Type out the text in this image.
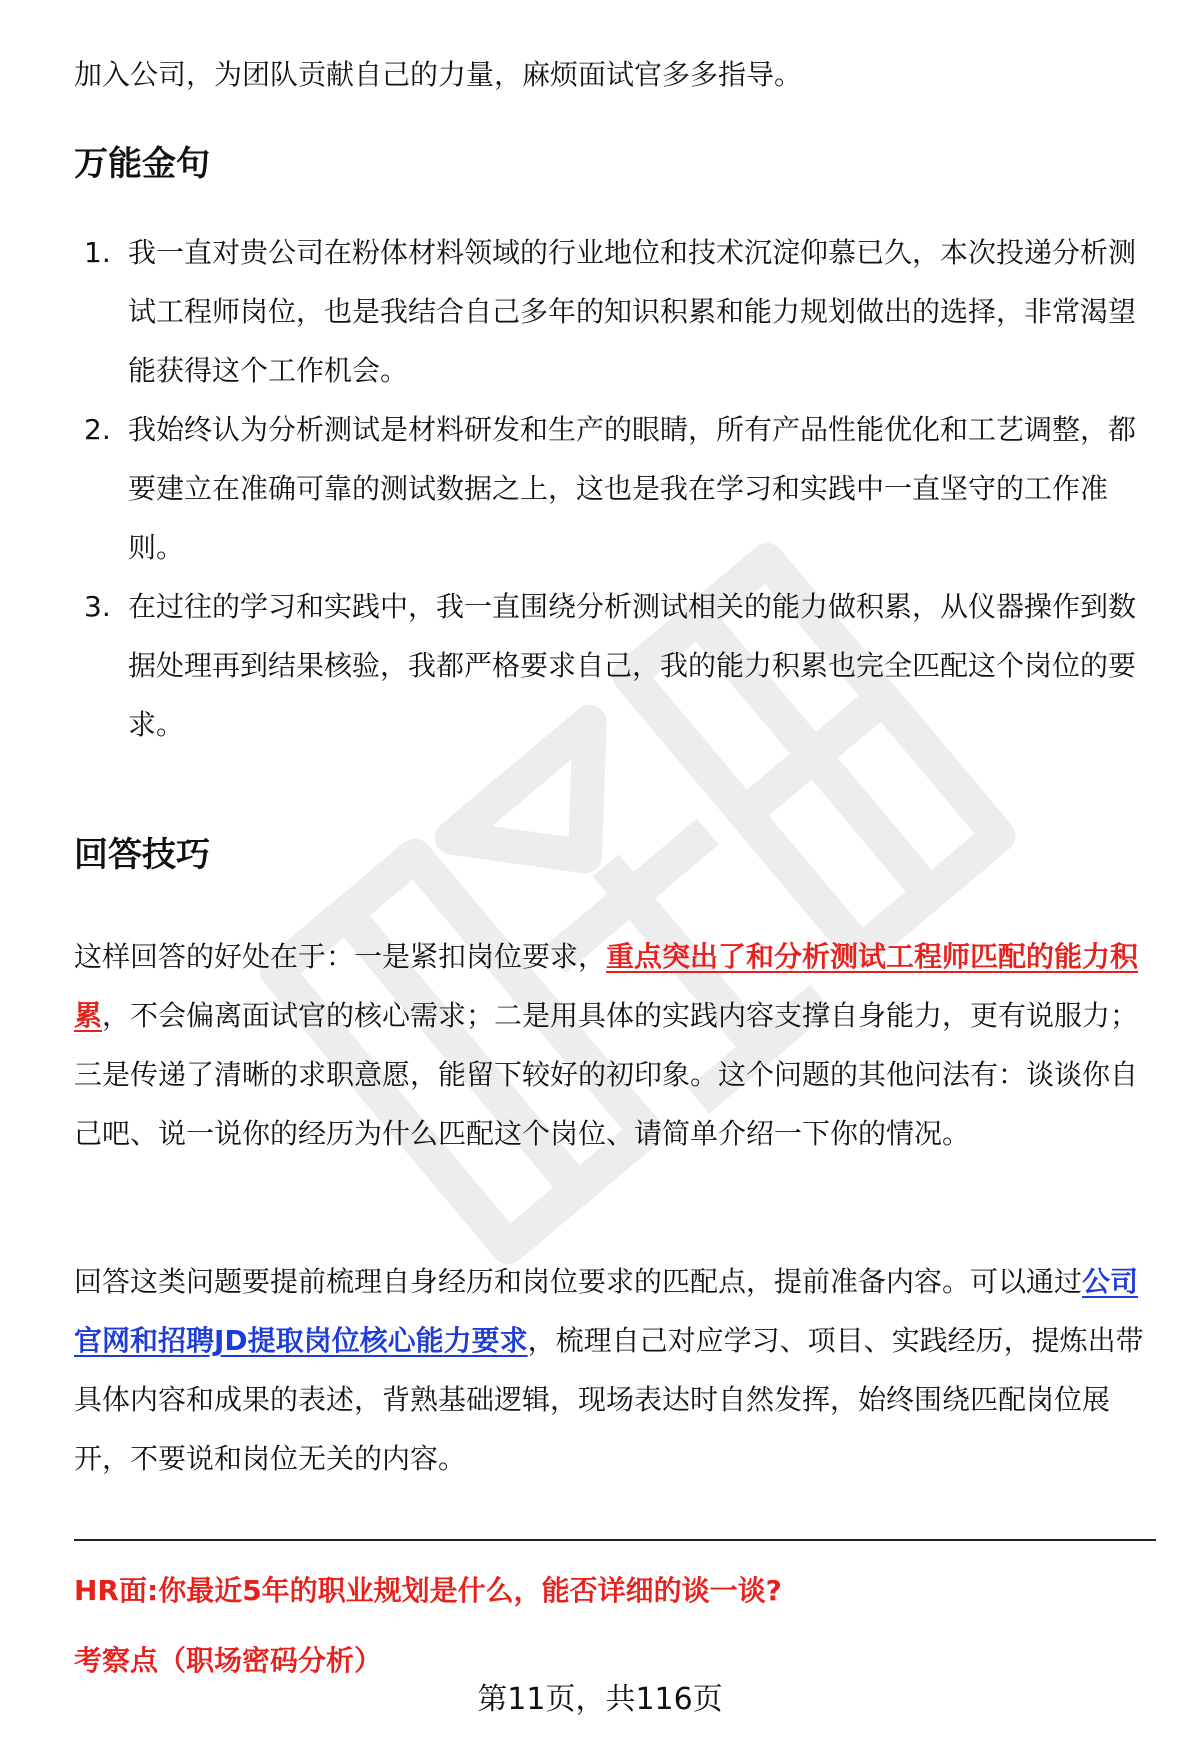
加入公司，为团队贡献自己的力量，麻烦面试官多多指导。

万能金句
1. 我一直对贵公司在粉体材料领域的行业地位和技术沉淀仰慕已久，本次投递分析测试工程师岗位，也是我结合自己多年的知识积累和能力规划做出的选择，非常渴望能获得这个工作机会。
2. 我始终认为分析测试是材料研发和生产的眼睛，所有产品性能优化和工艺调整，都要建立在准确可靠的测试数据之上，这也是我在学习和实践中一直坚守的工作准则。
3. 在过往的学习和实践中，我一直围绕分析测试相关的能力做积累，从仪器操作到数据处理再到结果核验，我都严格要求自己，我的能力积累也完全匹配这个岗位的要求。
回答技巧

这样回答的好处在于：一是紧扣岗位要求，重点突出了和分析测试工程师匹配的能力积累，不会偏离面试官的核心需求；二是用具体的实践内容支撑自身能力，更有说服力；三是传递了清晰的求职意愿，能留下较好的初印象。这个问题的其他问法有：谈谈你自己吧、说一说你的经历为什么匹配这个岗位、请简单介绍一下你的情况。

回答这类问题要提前梳理自身经历和岗位要求的匹配点，提前准备内容。可以通过公司官网和招聘JD提取岗位核心能力要求，梳理自己对应学习、项目、实践经历，提炼出带具体内容和成果的表述，背熟基础逻辑，现场表达时自然发挥，始终围绕匹配岗位展开，不要说和岗位无关的内容。

HR面:你最近5年的职业规划是什么，能否详细的谈一谈?

考察点（职场密码分析）

第11页，共116页
